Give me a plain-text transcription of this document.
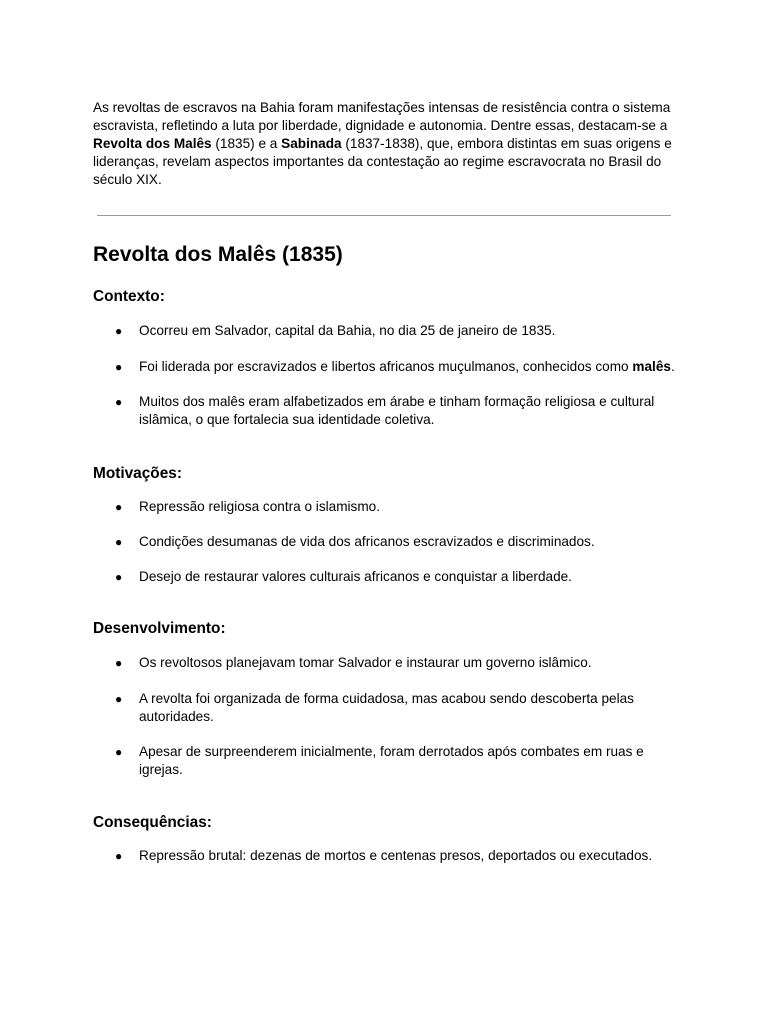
As revoltas de escravos na Bahia foram manifestações intensas de resistência contra o sistema escravista, refletindo a luta por liberdade, dignidade e autonomia. Dentre essas, destacam-se a Revolta dos Malês (1835) e a Sabinada (1837-1838), que, embora distintas em suas origens e lideranças, revelam aspectos importantes da contestação ao regime escravocrata no Brasil do século XIX.

Revolta dos Malês (1835)
Contexto:
● Ocorreu em Salvador, capital da Bahia, no dia 25 de janeiro de 1835.
● Foi liderada por escravizados e libertos africanos muçulmanos, conhecidos como malês.
● Muitos dos malês eram alfabetizados em árabe e tinham formação religiosa e cultural islâmica, o que fortalecia sua identidade coletiva.
Motivações:
● Repressão religiosa contra o islamismo.
● Condições desumanas de vida dos africanos escravizados e discriminados.
● Desejo de restaurar valores culturais africanos e conquistar a liberdade.
Desenvolvimento:
● Os revoltosos planejavam tomar Salvador e instaurar um governo islâmico.
● A revolta foi organizada de forma cuidadosa, mas acabou sendo descoberta pelas autoridades.
● Apesar de surpreenderem inicialmente, foram derrotados após combates em ruas e igrejas.
Consequências:
● Repressão brutal: dezenas de mortos e centenas presos, deportados ou executados.
